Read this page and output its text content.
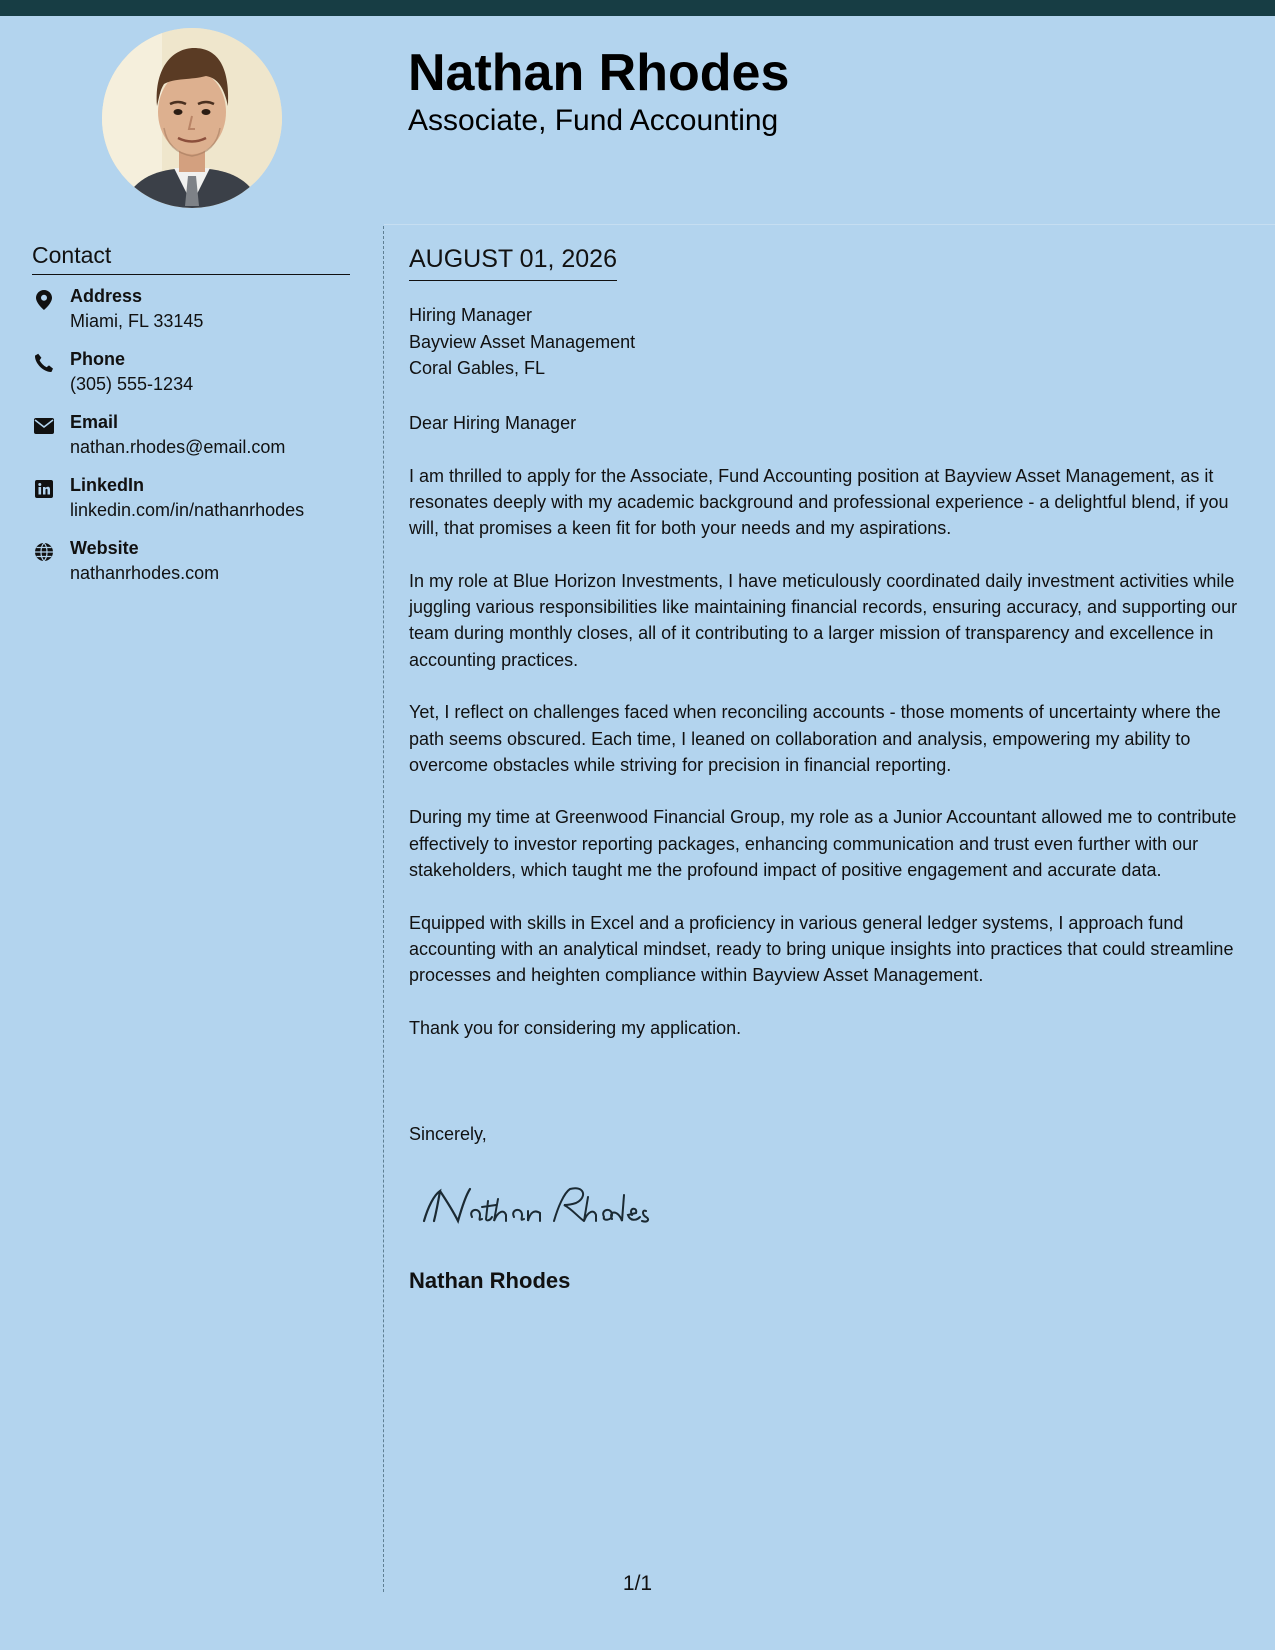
Nathan Rhodes
Associate, Fund Accounting
Contact
Address
Miami, FL 33145
Phone
(305) 555-1234
Email
nathan.rhodes@email.com
LinkedIn
linkedin.com/in/nathanrhodes
Website
nathanrhodes.com
AUGUST 01, 2026
Hiring Manager
Bayview Asset Management
Coral Gables, FL

Dear Hiring Manager

I am thrilled to apply for the Associate, Fund Accounting position at Bayview Asset Management, as it resonates deeply with my academic background and professional experience - a delightful blend, if you will, that promises a keen fit for both your needs and my aspirations.

In my role at Blue Horizon Investments, I have meticulously coordinated daily investment activities while juggling various responsibilities like maintaining financial records, ensuring accuracy, and supporting our team during monthly closes, all of it contributing to a larger mission of transparency and excellence in accounting practices.

Yet, I reflect on challenges faced when reconciling accounts - those moments of uncertainty where the path seems obscured. Each time, I leaned on collaboration and analysis, empowering my ability to overcome obstacles while striving for precision in financial reporting.

During my time at Greenwood Financial Group, my role as a Junior Accountant allowed me to contribute effectively to investor reporting packages, enhancing communication and trust even further with our stakeholders, which taught me the profound impact of positive engagement and accurate data.

Equipped with skills in Excel and a proficiency in various general ledger systems, I approach fund accounting with an analytical mindset, ready to bring unique insights into practices that could streamline processes and heighten compliance within Bayview Asset Management.

Thank you for considering my application.

Sincerely,
Nathan Rhodes
1/1
